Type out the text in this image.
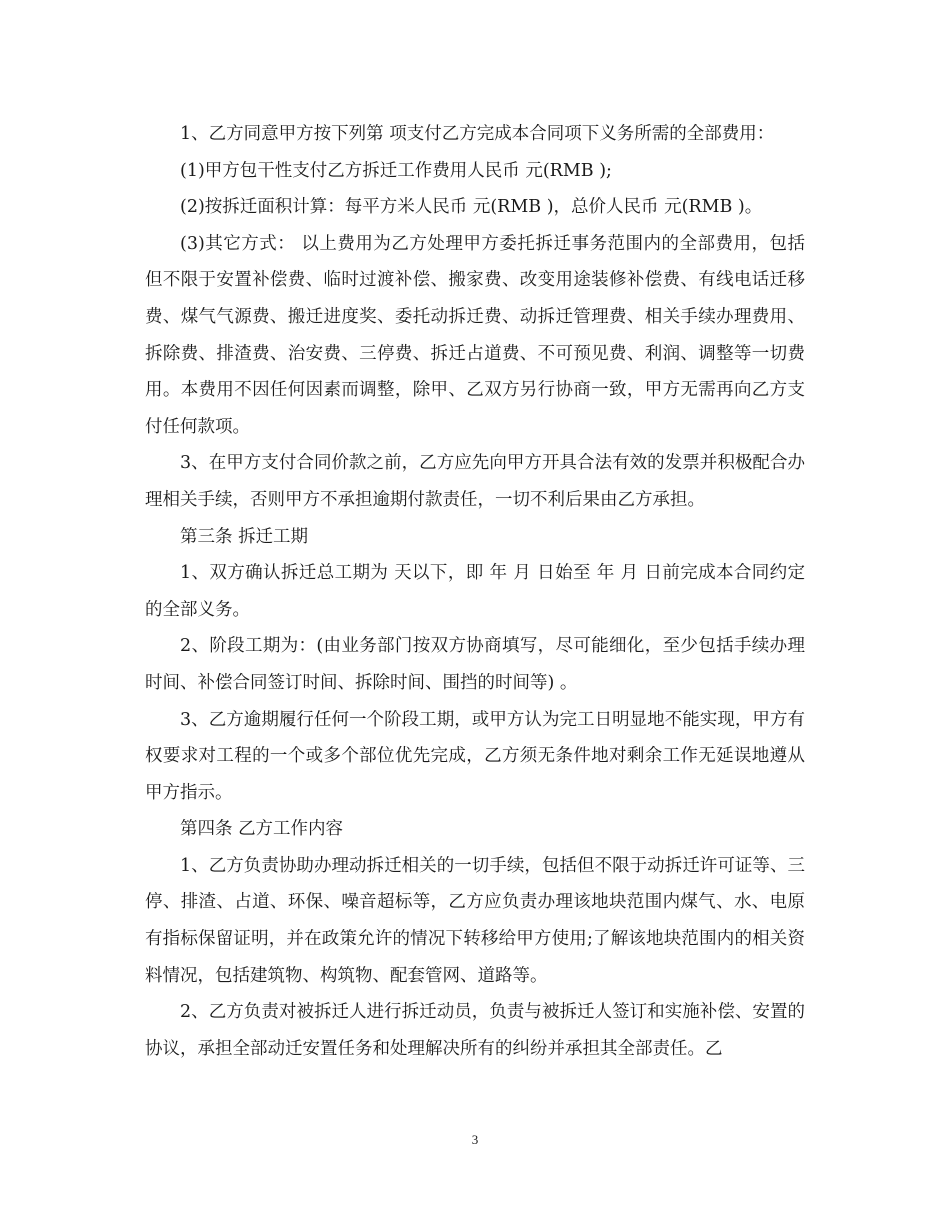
1、乙方同意甲方按下列第 项支付乙方完成本合同项下义务所需的全部费用：

(1)甲方包干性支付乙方拆迁工作费用人民币 元(RMB );

(2)按拆迁面积计算：每平方米人民币 元(RMB )，总价人民币 元(RMB )。

(3)其它方式： 以上费用为乙方处理甲方委托拆迁事务范围内的全部费用，包括但不限于安置补偿费、临时过渡补偿、搬家费、改变用途装修补偿费、有线电话迁移费、煤气气源费、搬迁进度奖、委托动拆迁费、动拆迁管理费、相关手续办理费用、拆除费、排渣费、治安费、三停费、拆迁占道费、不可预见费、利润、调整等一切费用。本费用不因任何因素而调整，除甲、乙双方另行协商一致，甲方无需再向乙方支付任何款项。

3、在甲方支付合同价款之前，乙方应先向甲方开具合法有效的发票并积极配合办理相关手续，否则甲方不承担逾期付款责任，一切不利后果由乙方承担。

第三条 拆迁工期

1、双方确认拆迁总工期为 天以下，即 年 月 日始至 年 月 日前完成本合同约定的全部义务。

2、阶段工期为：(由业务部门按双方协商填写，尽可能细化，至少包括手续办理时间、补偿合同签订时间、拆除时间、围挡的时间等) 。

3、乙方逾期履行任何一个阶段工期，或甲方认为完工日明显地不能实现，甲方有权要求对工程的一个或多个部位优先完成，乙方须无条件地对剩余工作无延误地遵从甲方指示。

第四条 乙方工作内容

1、乙方负责协助办理动拆迁相关的一切手续，包括但不限于动拆迁许可证等、三停、排渣、占道、环保、噪音超标等，乙方应负责办理该地块范围内煤气、水、电原有指标保留证明，并在政策允许的情况下转移给甲方使用;了解该地块范围内的相关资料情况，包括建筑物、构筑物、配套管网、道路等。

2、乙方负责对被拆迁人进行拆迁动员，负责与被拆迁人签订和实施补偿、安置的协议，承担全部动迁安置任务和处理解决所有的纠纷并承担其全部责任。乙

3
